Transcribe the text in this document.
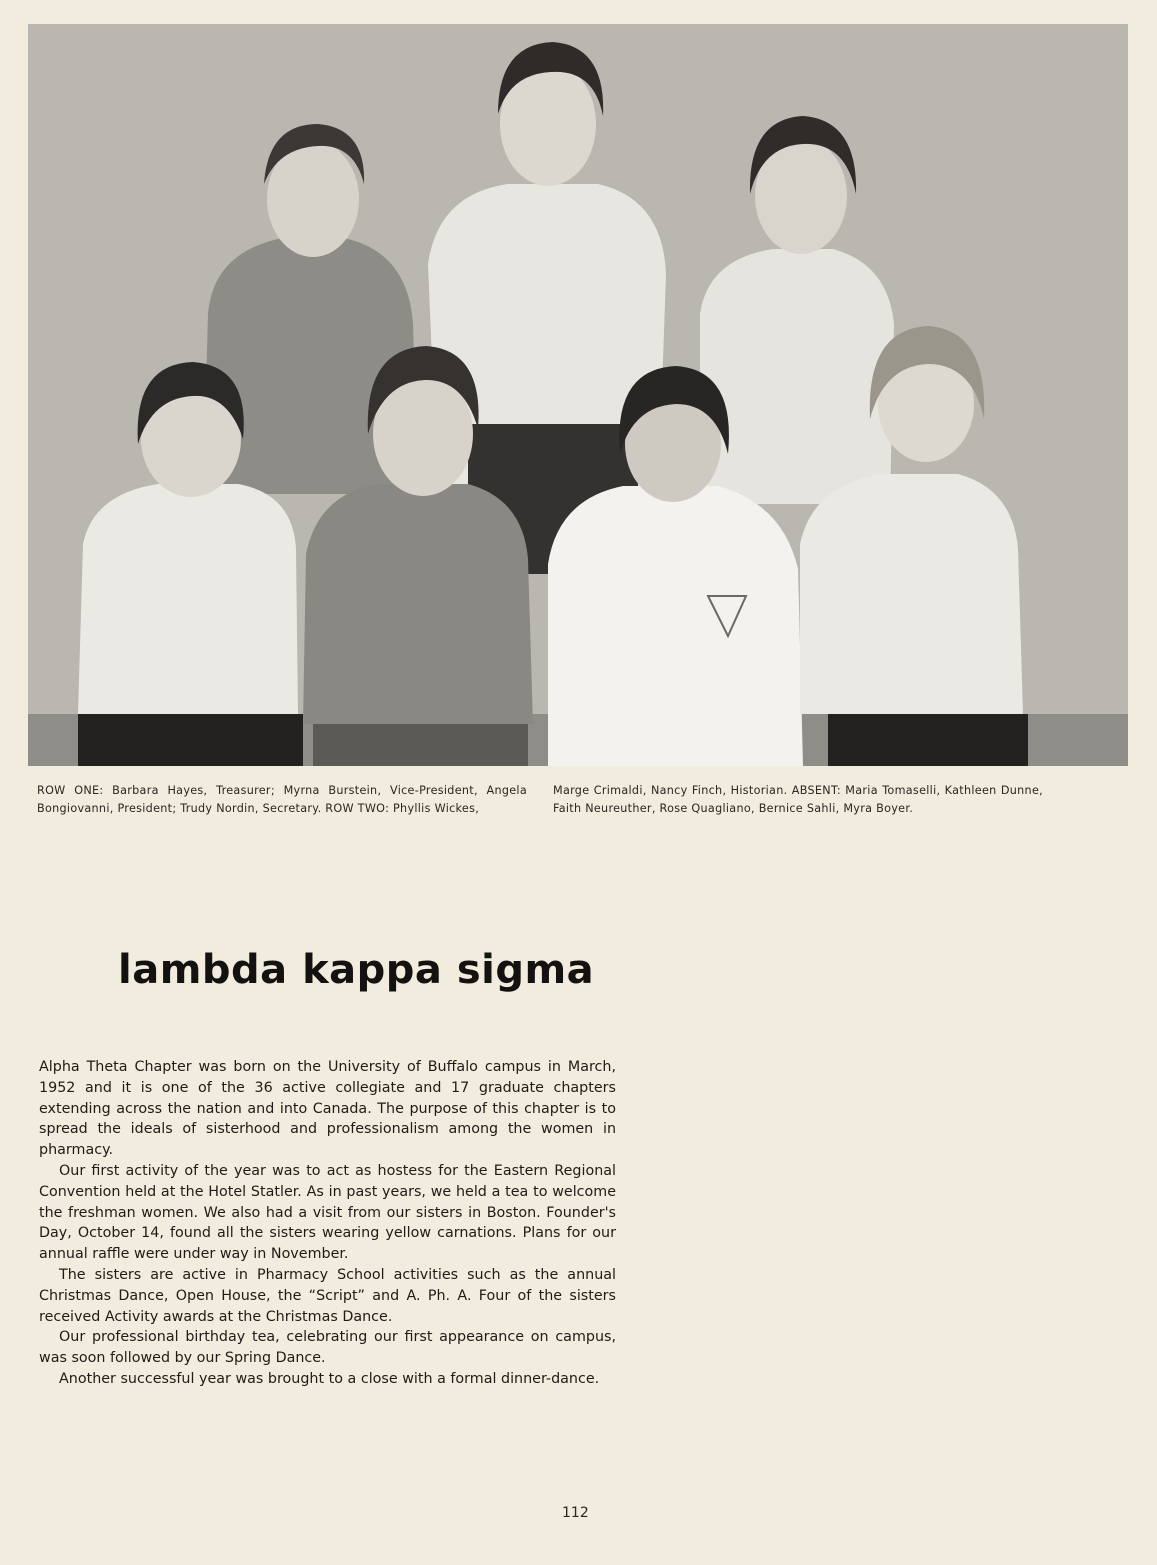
ROW ONE: Barbara Hayes, Treasurer; Myrna Burstein, Vice-President, Angela Bongiovanni, President; Trudy Nordin, Secretary. ROW TWO: Phyllis Wickes,
Marge Crimaldi, Nancy Finch, Historian. ABSENT: Maria Tomaselli, Kathleen Dunne, Faith Neureuther, Rose Quagliano, Bernice Sahli, Myra Boyer.
lambda kappa sigma

Alpha Theta Chapter was born on the University of Buffalo campus in March, 1952 and it is one of the 36 active collegiate and 17 graduate chapters extending across the nation and into Canada. The purpose of this chapter is to spread the ideals of sisterhood and professionalism among the women in pharmacy.

Our first activity of the year was to act as hostess for the Eastern Regional Convention held at the Hotel Statler. As in past years, we held a tea to welcome the freshman women. We also had a visit from our sisters in Boston. Founder's Day, October 14, found all the sisters wearing yellow carnations. Plans for our annual raffle were under way in November.

The sisters are active in Pharmacy School activities such as the annual Christmas Dance, Open House, the “Script” and A. Ph. A. Four of the sisters received Activity awards at the Christmas Dance.

Our professional birthday tea, celebrating our first appearance on campus, was soon followed by our Spring Dance.

Another successful year was brought to a close with a formal dinner-dance.

112
